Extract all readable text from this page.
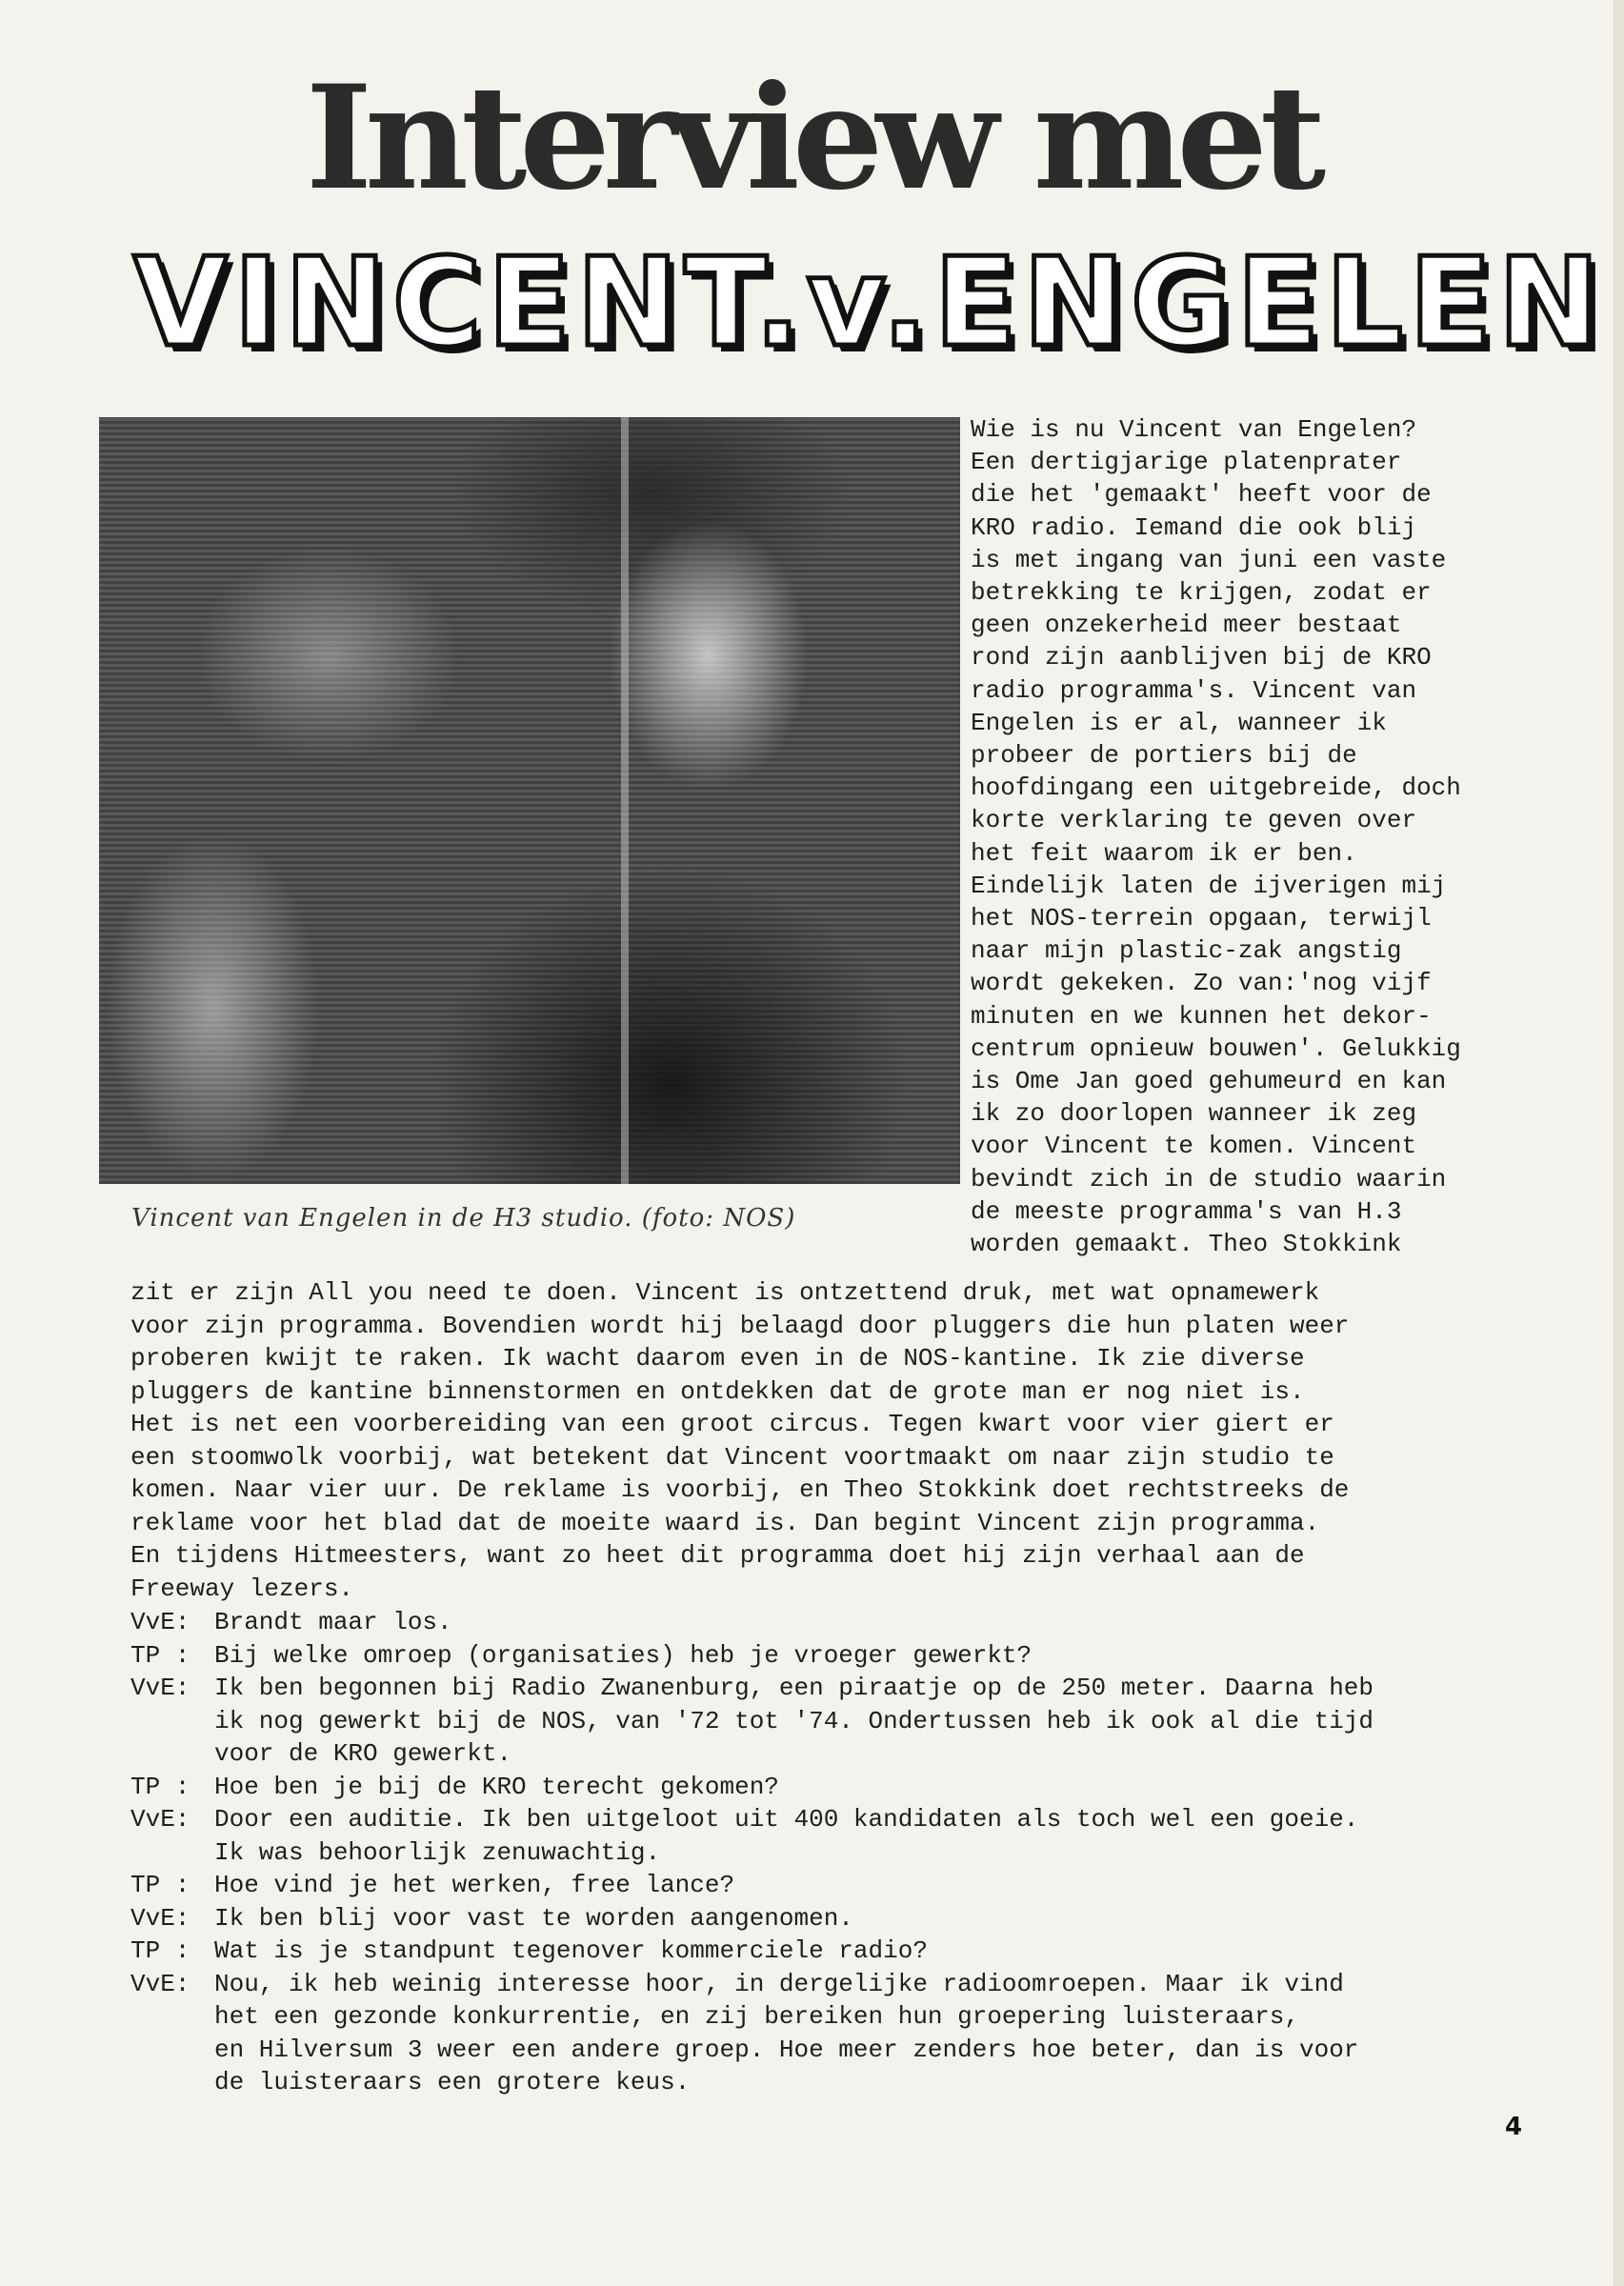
Interview met
VINCENT.v.ENGELEN
Vincent van Engelen in de H3 studio. (foto: NOS)
Wie is nu Vincent van Engelen?
Een dertigjarige platenprater
die het 'gemaakt' heeft voor de
KRO radio. Iemand die ook blij
is met ingang van juni een vaste
betrekking te krijgen, zodat er
geen onzekerheid meer bestaat
rond zijn aanblijven bij de KRO
radio programma's. Vincent van
Engelen is er al, wanneer ik
probeer de portiers bij de
hoofdingang een uitgebreide, doch
korte verklaring te geven over
het feit waarom ik er ben.
Eindelijk laten de ijverigen mij
het NOS-terrein opgaan, terwijl
naar mijn plastic-zak angstig
wordt gekeken. Zo van:'nog vijf
minuten en we kunnen het dekor-
centrum opnieuw bouwen'. Gelukkig
is Ome Jan goed gehumeurd en kan
ik zo doorlopen wanneer ik zeg
voor Vincent te komen. Vincent
bevindt zich in de studio waarin
de meeste programma's van H.3
worden gemaakt. Theo Stokkink
zit er zijn All you need te doen. Vincent is ontzettend druk, met wat opnamewerk
voor zijn programma. Bovendien wordt hij belaagd door pluggers die hun platen weer
proberen kwijt te raken. Ik wacht daarom even in de NOS-kantine. Ik zie diverse
pluggers de kantine binnenstormen en ontdekken dat de grote man er nog niet is.
Het is net een voorbereiding van een groot circus. Tegen kwart voor vier giert er
een stoomwolk voorbij, wat betekent dat Vincent voortmaakt om naar zijn studio te
komen. Naar vier uur. De reklame is voorbij, en Theo Stokkink doet rechtstreeks de
reklame voor het blad dat de moeite waard is. Dan begint Vincent zijn programma.
En tijdens Hitmeesters, want zo heet dit programma doet hij zijn verhaal aan de
Freeway lezers.
VvE: Brandt maar los.
TP : Bij welke omroep (organisaties) heb je vroeger gewerkt?
VvE: Ik ben begonnen bij Radio Zwanenburg, een piraatje op de 250 meter. Daarna heb
ik nog gewerkt bij de NOS, van '72 tot '74. Ondertussen heb ik ook al die tijd
voor de KRO gewerkt.
TP : Hoe ben je bij de KRO terecht gekomen?
VvE: Door een auditie. Ik ben uitgeloot uit 400 kandidaten als toch wel een goeie.
Ik was behoorlijk zenuwachtig.
TP : Hoe vind je het werken, free lance?
VvE: Ik ben blij voor vast te worden aangenomen.
TP : Wat is je standpunt tegenover kommerciele radio?
VvE: Nou, ik heb weinig interesse hoor, in dergelijke radioomroepen. Maar ik vind
het een gezonde konkurrentie, en zij bereiken hun groepering luisteraars,
en Hilversum 3 weer een andere groep. Hoe meer zenders hoe beter, dan is voor
de luisteraars een grotere keus.
4
